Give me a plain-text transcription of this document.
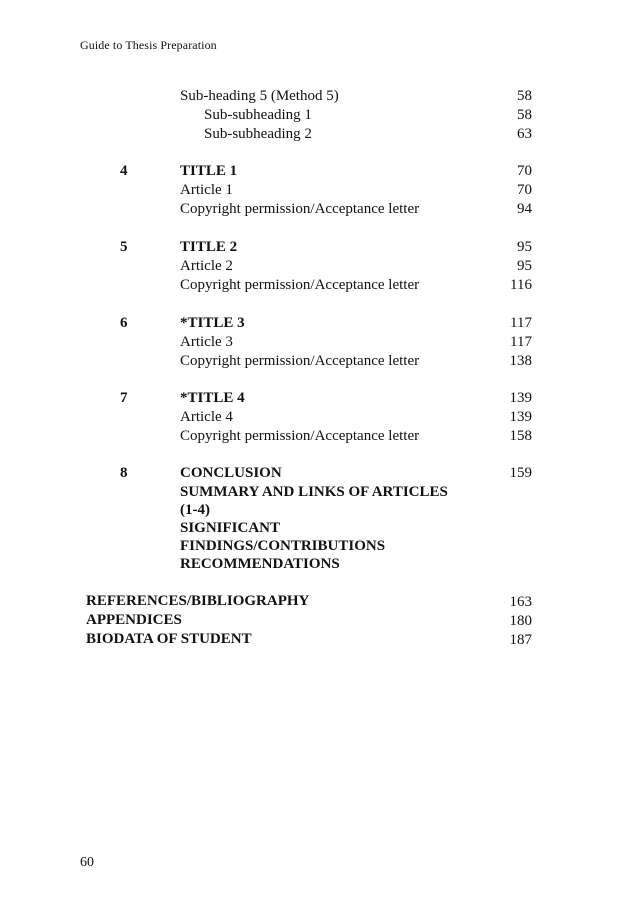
Guide to Thesis Preparation
Sub-heading 5 (Method 5)	58
Sub-subheading 1	58
Sub-subheading 2	63
4	TITLE 1	70
Article 1	70
Copyright permission/Acceptance letter	94
5	TITLE 2	95
Article 2	95
Copyright permission/Acceptance letter	116
6	*TITLE 3	117
Article 3	117
Copyright permission/Acceptance letter	138
7	*TITLE 4	139
Article 4	139
Copyright permission/Acceptance letter	158
8	CONCLUSION	159
SUMMARY AND LINKS OF ARTICLES
(1-4)
SIGNIFICANT
FINDINGS/CONTRIBUTIONS
RECOMMENDATIONS
REFERENCES/BIBLIOGRAPHY	163
APPENDICES	180
BIODATA OF STUDENT	187
60
